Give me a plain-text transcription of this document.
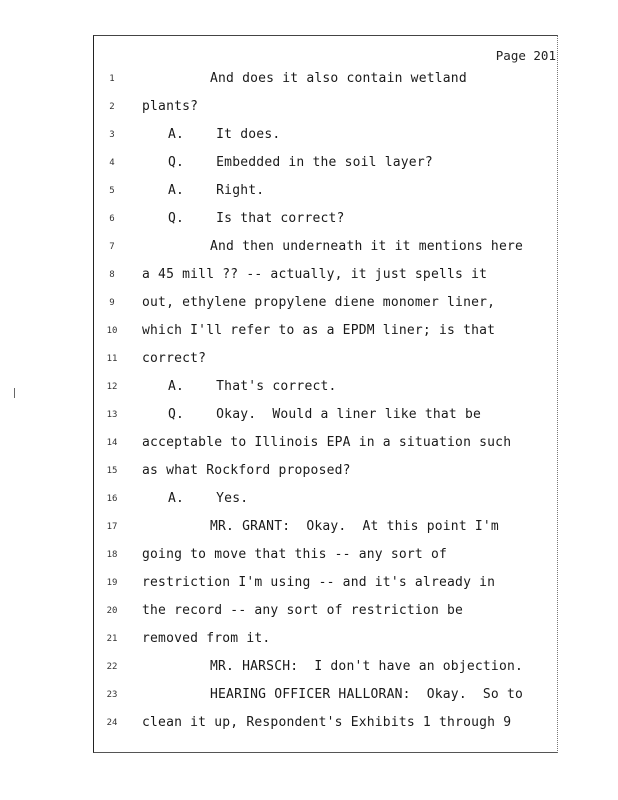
Page 201
1	And does it also contain wetland
2	plants?
3	A.    It does.
4	Q.    Embedded in the soil layer?
5	A.    Right.
6	Q.    Is that correct?
7	And then underneath it it mentions here
8	a 45 mill ?? -- actually, it just spells it
9	out, ethylene propylene diene monomer liner,
10	which I'll refer to as a EPDM liner; is that
11	correct?
12	A.    That's correct.
13	Q.    Okay.  Would a liner like that be
14	acceptable to Illinois EPA in a situation such
15	as what Rockford proposed?
16	A.    Yes.
17	MR. GRANT:  Okay.  At this point I'm
18	going to move that this -- any sort of
19	restriction I'm using -- and it's already in
20	the record -- any sort of restriction be
21	removed from it.
22	MR. HARSCH:  I don't have an objection.
23	HEARING OFFICER HALLORAN:  Okay.  So to
24	clean it up, Respondent's Exhibits 1 through 9
